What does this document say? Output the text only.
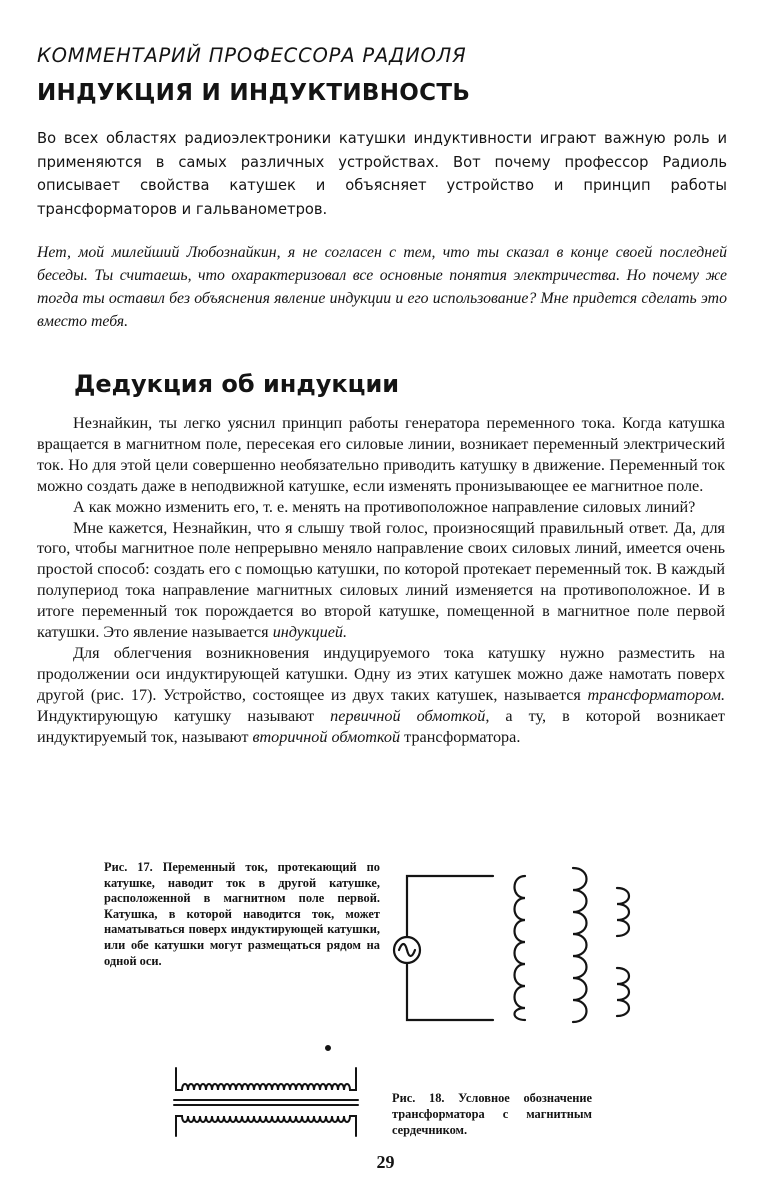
КОММЕНТАРИЙ ПРОФЕССОРА РАДИОЛЯ
ИНДУКЦИЯ И ИНДУКТИВНОСТЬ
Во всех областях радиоэлектроники катушки индуктивности играют важную роль и применяются в самых различных устройствах. Вот почему профессор Радиоль описывает свойства катушек и объясняет устройство и принцип работы трансформаторов и гальванометров.
Нет, мой милейший Любознайкин, я не согласен с тем, что ты сказал в конце своей последней беседы. Ты считаешь, что охарактеризовал все основные понятия электричества. Но почему же тогда ты оставил без объяснения явление индукции и его использование? Мне придется сделать это вместо тебя.
Дедукция об индукции

Незнайкин, ты легко уяснил принцип работы генератора переменного тока. Когда катушка вращается в магнитном поле, пересекая его силовые линии, возникает переменный электрический ток. Но для этой цели совершенно необязательно приводить катушку в движение. Переменный ток можно создать даже в неподвижной катушке, если изменять пронизывающее ее магнитное поле.

А как можно изменить его, т. е. менять на противоположное направление силовых линий?

Мне кажется, Незнайкин, что я слышу твой голос, произносящий правильный ответ. Да, для того, чтобы магнитное поле непрерывно меняло направление своих силовых линий, имеется очень простой способ: создать его с помощью катушки, по которой протекает переменный ток. В каждый полупериод тока направление магнитных силовых линий изменяется на противоположное. И в итоге переменный ток порождается во второй катушке, помещенной в магнитное поле первой катушки. Это явление называется индукцией.

Для облегчения возникновения индуцируемого тока катушку нужно разместить на продолжении оси индуктирующей катушки. Одну из этих катушек можно даже намотать поверх другой (рис. 17). Устройство, состоящее из двух таких катушек, называется трансформатором. Индуктирующую катушку называют первичной обмоткой, а ту, в которой возникает индуктируемый ток, называют вторичной обмоткой трансформатора.

Рис. 17. Переменный ток, протекающий по катушке, наводит ток в другой катушке, расположенной в магнитном поле первой. Катушка, в которой наводится ток, может наматываться поверх индуктирующей катушки, или обе катушки могут размещаться рядом на одной оси.
Рис. 18. Условное обозначение трансформатора с магнитным сердечником.
29
